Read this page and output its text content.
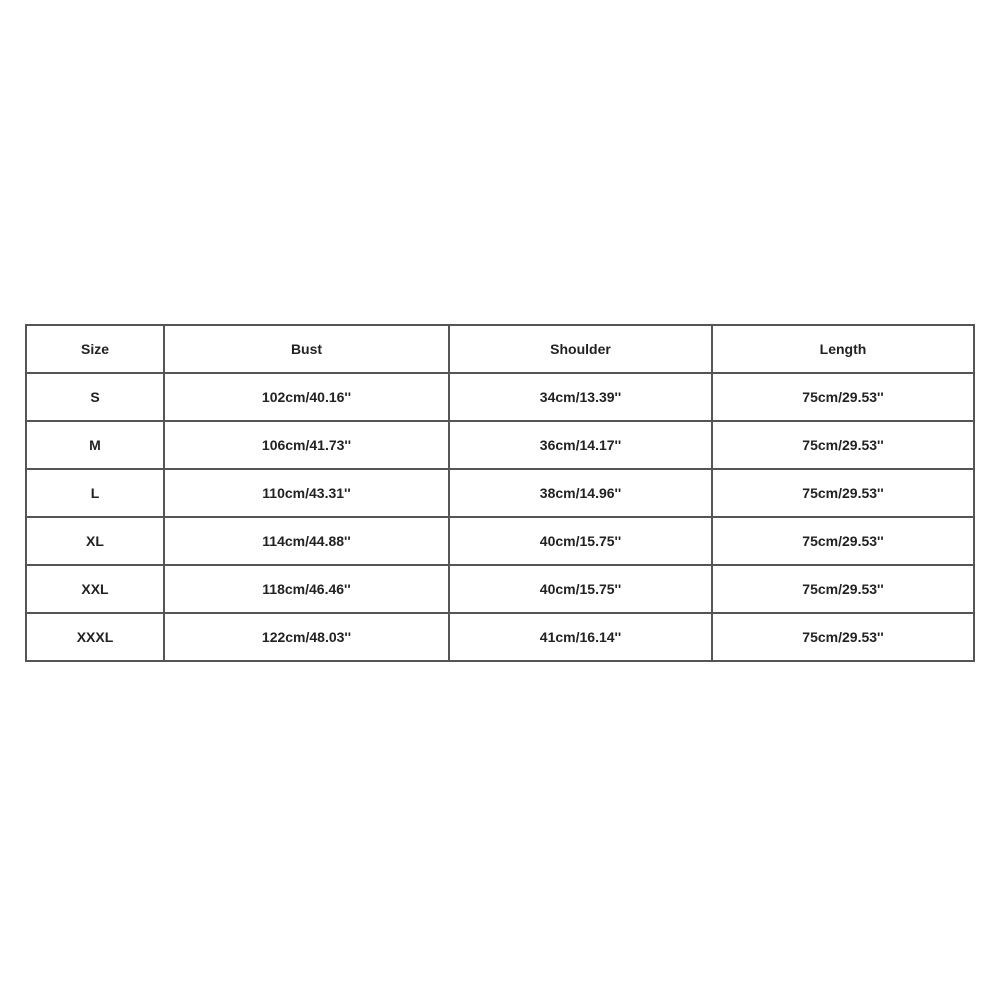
Size	Bust	Shoulder	Length
S	102cm/40.16''	34cm/13.39''	75cm/29.53''
M	106cm/41.73''	36cm/14.17''	75cm/29.53''
L	110cm/43.31''	38cm/14.96''	75cm/29.53''
XL	114cm/44.88''	40cm/15.75''	75cm/29.53''
XXL	118cm/46.46''	40cm/15.75''	75cm/29.53''
XXXL	122cm/48.03''	41cm/16.14''	75cm/29.53''
